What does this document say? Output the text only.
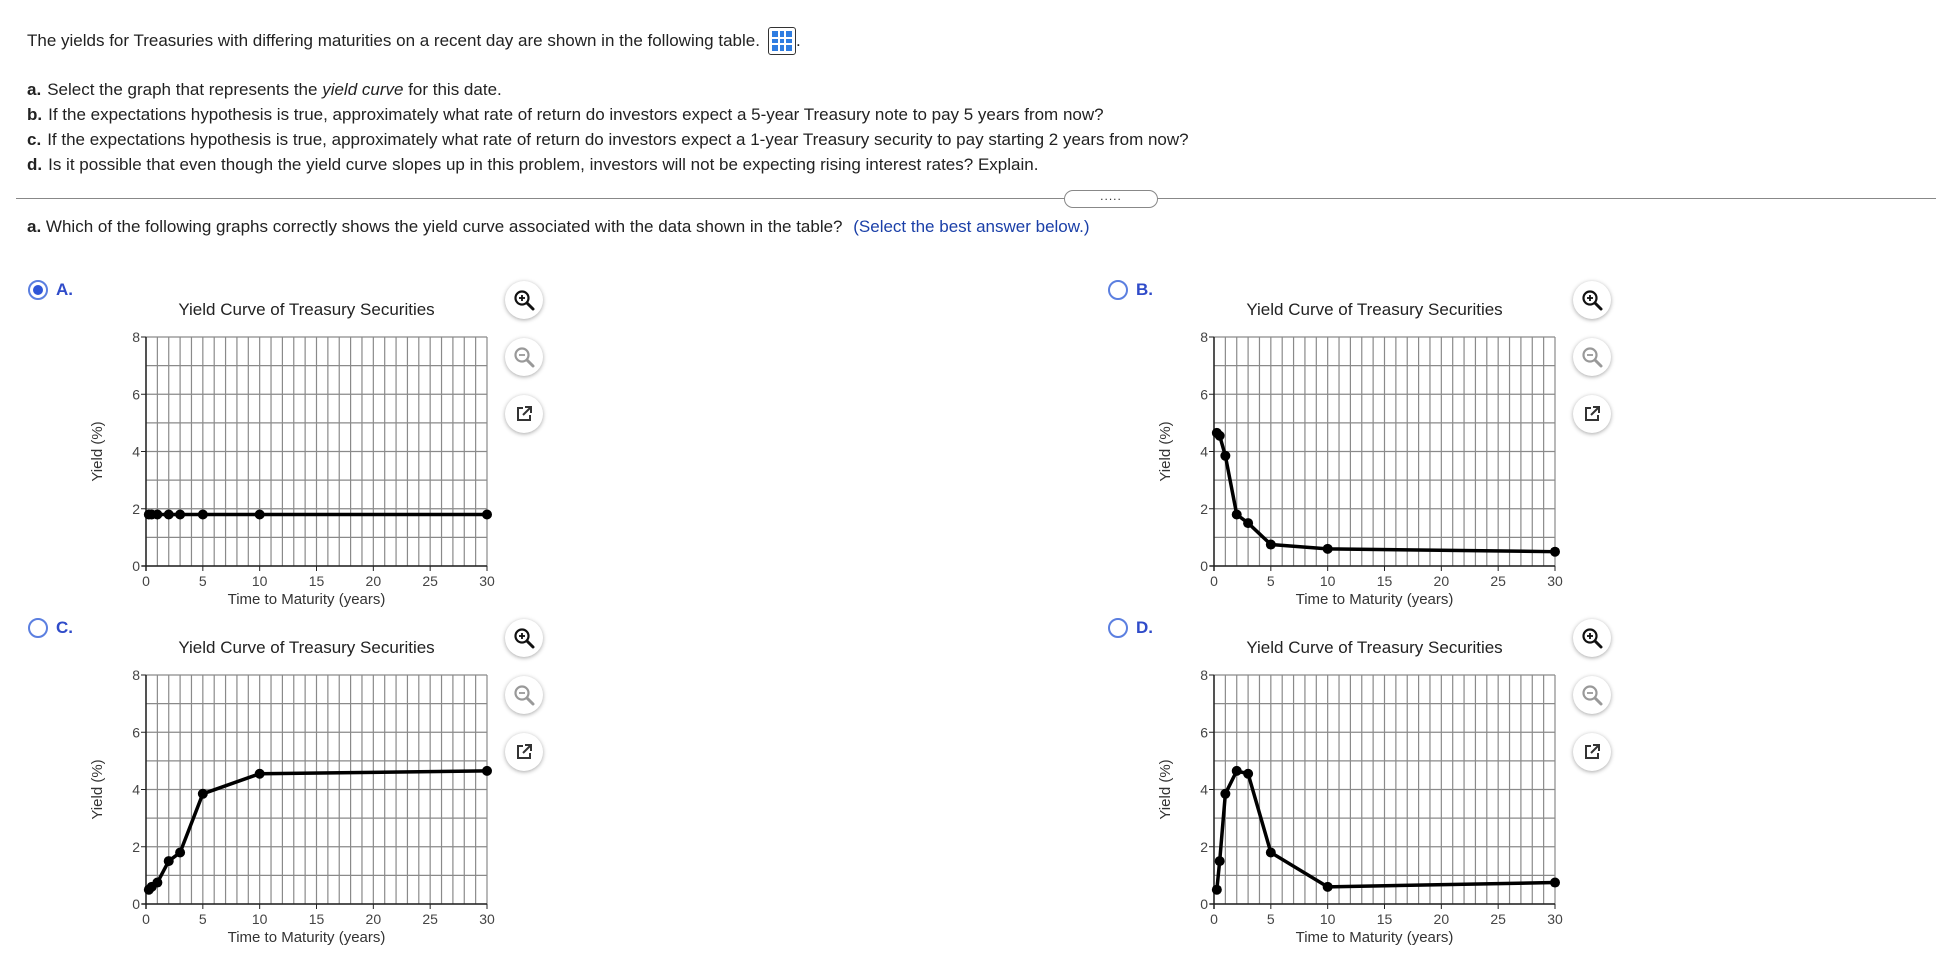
The yields for Treasuries with differing maturities on a recent day are shown in the following table. .
a. Select the graph that represents the yield curve for this date.
b. If the expectations hypothesis is true, approximately what rate of return do investors expect a 5-year Treasury note to pay 5 years from now?
c. If the expectations hypothesis is true, approximately what rate of return do investors expect a 1-year Treasury security to pay starting 2 years from now?
d. Is it possible that even though the yield curve slopes up in this problem, investors will not be expecting rising interest rates? Explain.
.....
a. Which of the following graphs correctly shows the yield curve associated with the data shown in the table? (Select the best answer below.)
A.
Yield Curve of Treasury Securities
0	5	10	15	20	25	30
0
2
4
6
8
Time to Maturity (years)
Yield (%)
B.
Yield Curve of Treasury Securities
0	5	10	15	20	25	30
0
2
4
6
8
Time to Maturity (years)
Yield (%)
C.
Yield Curve of Treasury Securities
0	5	10	15	20	25	30
0
2
4
6
8
Time to Maturity (years)
Yield (%)
D.
Yield Curve of Treasury Securities
0	5	10	15	20	25	30
0
2
4
6
8
Time to Maturity (years)
Yield (%)
